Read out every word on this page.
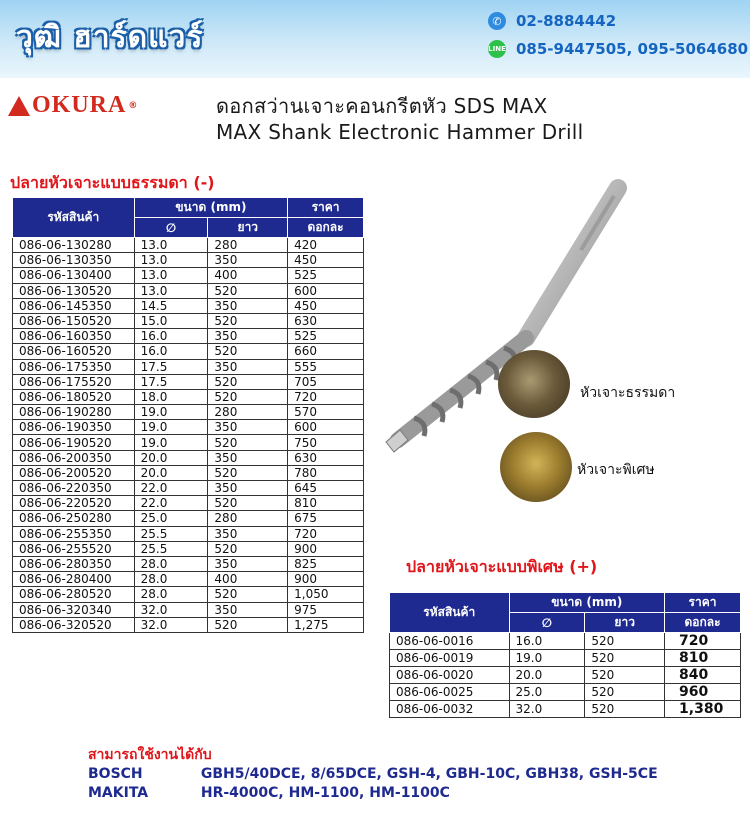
วุฒิ ฮาร์ดแวร์	✆ 02-8884442
LINE 085-9447505, 095-5064680
OKURA ®	ดอกสว่านเจาะคอนกรีตหัว SDS MAX
MAX Shank Electronic Hammer Drill
ปลายหัวเจาะแบบธรรมดา (-)
รหัสสินค้า	ขนาด (mm)		ราคา
	∅	ยาว	ดอกละ
086-06-130280	13.0	280	420
086-06-130350	13.0	350	450
086-06-130400	13.0	400	525
086-06-130520	13.0	520	600
086-06-145350	14.5	350	450
086-06-150520	15.0	520	630
086-06-160350	16.0	350	525
086-06-160520	16.0	520	660
086-06-175350	17.5	350	555
086-06-175520	17.5	520	705
086-06-180520	18.0	520	720
086-06-190280	19.0	280	570
086-06-190350	19.0	350	600
086-06-190520	19.0	520	750
086-06-200350	20.0	350	630
086-06-200520	20.0	520	780
086-06-220350	22.0	350	645
086-06-220520	22.0	520	810
086-06-250280	25.0	280	675
086-06-255350	25.5	350	720
086-06-255520	25.5	520	900
086-06-280350	28.0	350	825
086-06-280400	28.0	400	900
086-06-280520	28.0	520	1,050
086-06-320340	32.0	350	975
086-06-320520	32.0	520	1,275
หัวเจาะธรรมดา
หัวเจาะพิเศษ
ปลายหัวเจาะแบบพิเศษ (+)
รหัสสินค้า	ขนาด (mm)		ราคา
	∅	ยาว	ดอกละ
086-06-0016	16.0	520	720
086-06-0019	19.0	520	810
086-06-0020	20.0	520	840
086-06-0025	25.0	520	960
086-06-0032	32.0	520	1,380
สามารถใช้งานได้กับ
BOSCH	GBH5/40DCE, 8/65DCE, GSH-4, GBH-10C, GBH38, GSH-5CE
MAKITA	HR-4000C, HM-1100, HM-1100C
